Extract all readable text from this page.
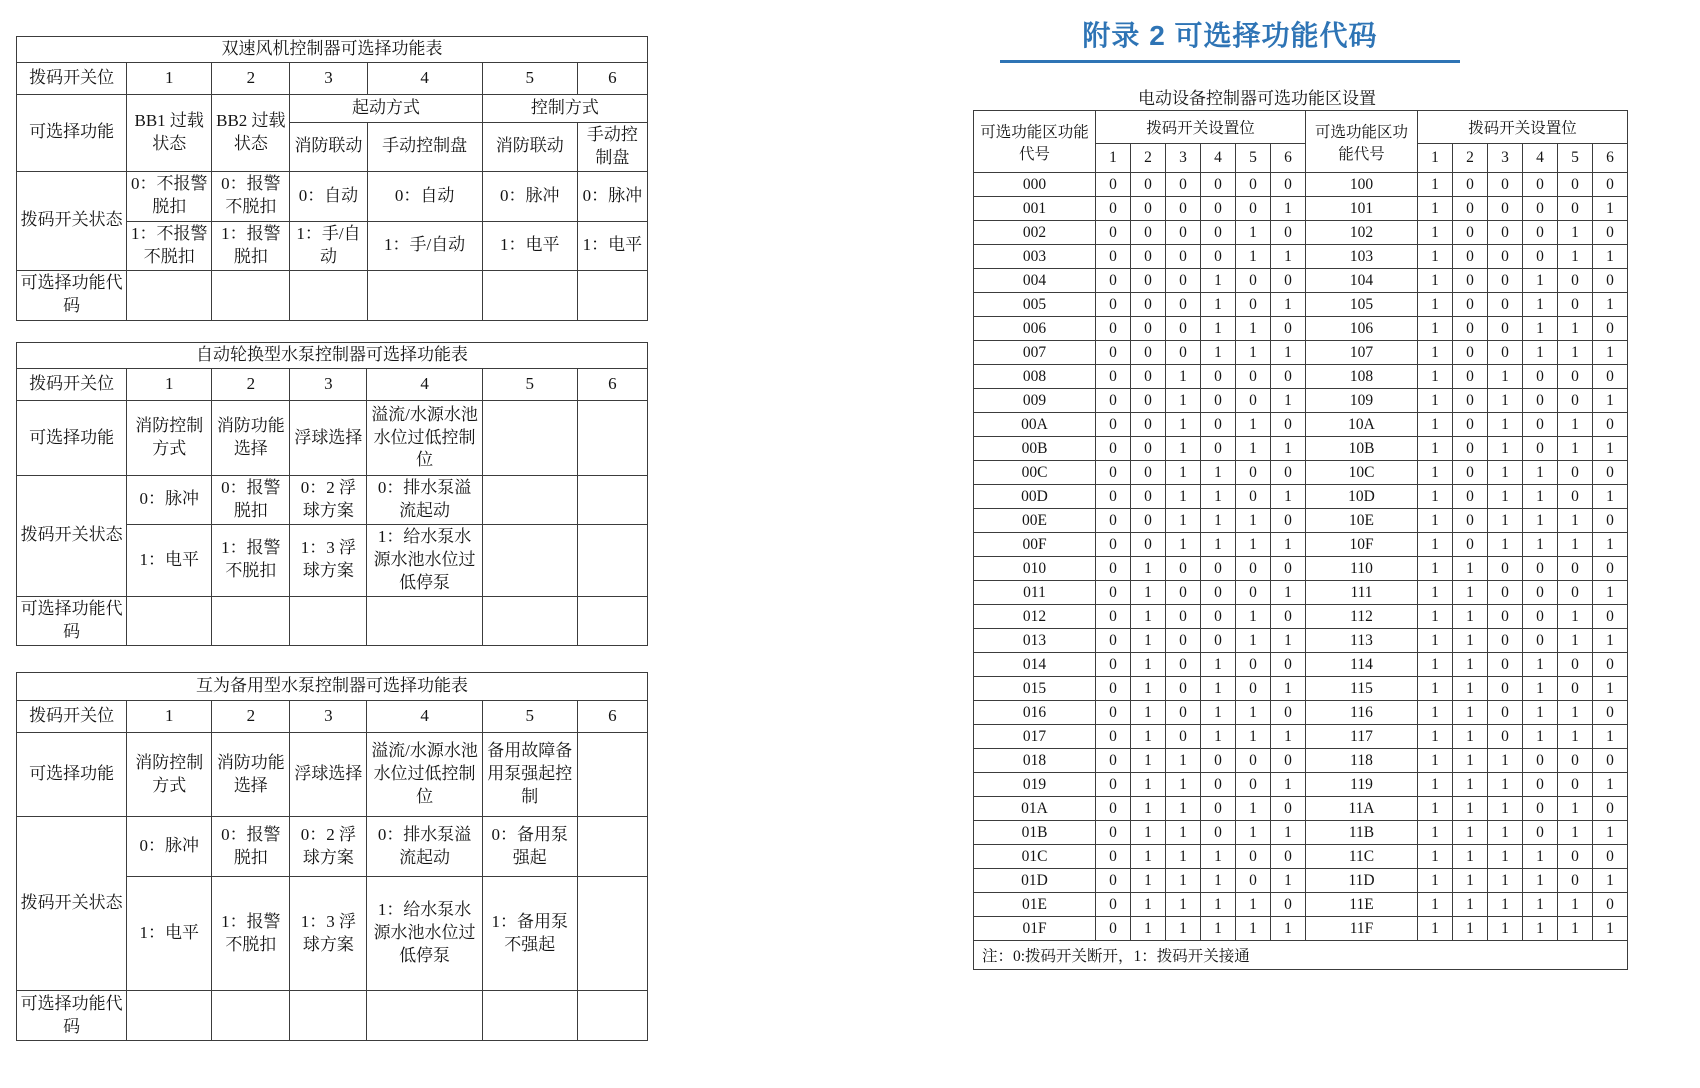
双速风机控制器可选择功能表						
拨码开关位	1	2	3	4	5	6
可选择功能	BB1 过载状态	BB2 过载状态	起动方式		控制方式	
			消防联动	手动控制盘	消防联动	手动控制盘
拨码开关状态	0：不报警脱扣	0：报警不脱扣	0：自动	0：自动	0：脉冲	0：脉冲
	1：不报警不脱扣	1：报警脱扣	1：手/自动	1：手/自动	1：电平	1：电平
可选择功能代码						
自动轮换型水泵控制器可选择功能表						
拨码开关位	1	2	3	4	5	6
可选择功能	消防控制方式	消防功能选择	浮球选择	溢流/水源水池水位过低控制位		
拨码开关状态	0：脉冲	0：报警脱扣	0：2 浮球方案	0：排水泵溢流起动		
	1：电平	1：报警不脱扣	1：3 浮球方案	1：给水泵水源水池水位过低停泵		
可选择功能代码						
互为备用型水泵控制器可选择功能表						
拨码开关位	1	2	3	4	5	6
可选择功能	消防控制方式	消防功能选择	浮球选择	溢流/水源水池水位过低控制位	备用故障备用泵强起控制	
拨码开关状态	0：脉冲	0：报警脱扣	0：2 浮球方案	0：排水泵溢流起动	0：备用泵强起	
	1：电平	1：报警不脱扣	1：3 浮球方案	1：给水泵水源水池水位过低停泵	1：备用泵不强起	
可选择功能代码						
附录 2 可选择功能代码
电动设备控制器可选功能区设置
可选功能区功能代号	拨码开关设置位						可选功能区功能代号	拨码开关设置位					
	1	2	3	4	5	6		1	2	3	4	5	6
000	0	0	0	0	0	0	100	1	0	0	0	0	0
001	0	0	0	0	0	1	101	1	0	0	0	0	1
002	0	0	0	0	1	0	102	1	0	0	0	1	0
003	0	0	0	0	1	1	103	1	0	0	0	1	1
004	0	0	0	1	0	0	104	1	0	0	1	0	0
005	0	0	0	1	0	1	105	1	0	0	1	0	1
006	0	0	0	1	1	0	106	1	0	0	1	1	0
007	0	0	0	1	1	1	107	1	0	0	1	1	1
008	0	0	1	0	0	0	108	1	0	1	0	0	0
009	0	0	1	0	0	1	109	1	0	1	0	0	1
00A	0	0	1	0	1	0	10A	1	0	1	0	1	0
00B	0	0	1	0	1	1	10B	1	0	1	0	1	1
00C	0	0	1	1	0	0	10C	1	0	1	1	0	0
00D	0	0	1	1	0	1	10D	1	0	1	1	0	1
00E	0	0	1	1	1	0	10E	1	0	1	1	1	0
00F	0	0	1	1	1	1	10F	1	0	1	1	1	1
010	0	1	0	0	0	0	110	1	1	0	0	0	0
011	0	1	0	0	0	1	111	1	1	0	0	0	1
012	0	1	0	0	1	0	112	1	1	0	0	1	0
013	0	1	0	0	1	1	113	1	1	0	0	1	1
014	0	1	0	1	0	0	114	1	1	0	1	0	0
015	0	1	0	1	0	1	115	1	1	0	1	0	1
016	0	1	0	1	1	0	116	1	1	0	1	1	0
017	0	1	0	1	1	1	117	1	1	0	1	1	1
018	0	1	1	0	0	0	118	1	1	1	0	0	0
019	0	1	1	0	0	1	119	1	1	1	0	0	1
01A	0	1	1	0	1	0	11A	1	1	1	0	1	0
01B	0	1	1	0	1	1	11B	1	1	1	0	1	1
01C	0	1	1	1	0	0	11C	1	1	1	1	0	0
01D	0	1	1	1	0	1	11D	1	1	1	1	0	1
01E	0	1	1	1	1	0	11E	1	1	1	1	1	0
01F	0	1	1	1	1	1	11F	1	1	1	1	1	1
注：0:拨码开关断开，1：拨码开关接通													
